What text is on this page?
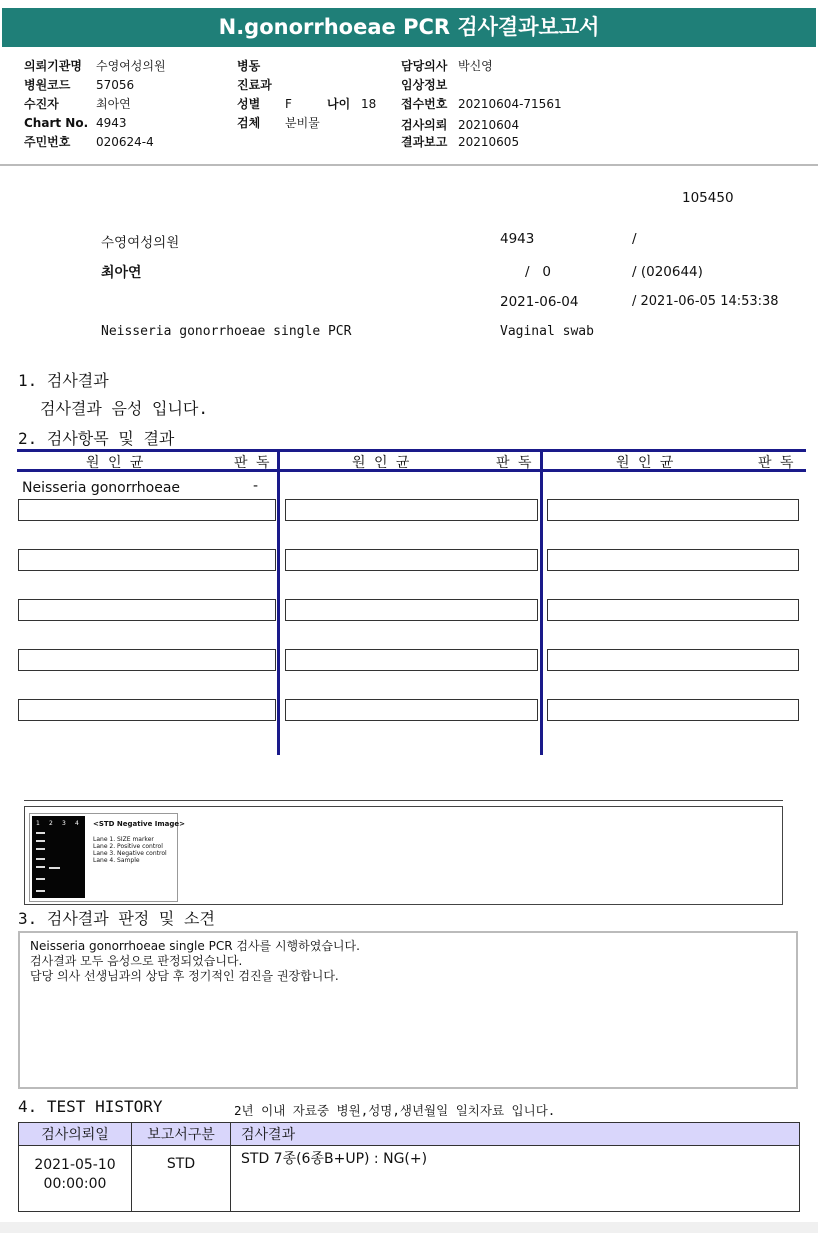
N.gonorrhoeae PCR 검사결과보고서
의뢰기관명 수영여성의원
병원코드 57056
수진자	최아연
Chart No. 4943
주민번호 020624-4
병동
진료과
성별 F	나이 18
검체 분비물
담당의사 박신영
임상정보
접수번호 20210604-71561
검사의뢰 20210604
결과보고 20210605
105450
수영여성의원	4943	/
최아연	/   0	/ (020644)
2021-06-04	/ 2021-06-05 14:53:38
Neisseria gonorrhoeae single PCR	Vaginal swab
1. 검사결과
검사결과 음성 입니다.
2. 검사항목 및 결과
원 인 균	판 독	원 인 균	판 독	원 인 균	판 독
Neisseria gonorrhoeae	-
1 2 3 4 <STD Negative Image>
Lane 1. SIZE marker
Lane 2. Positive control
Lane 3. Negative control
Lane 4. Sample
3. 검사결과 판정 및 소견
Neisseria gonorrhoeae single PCR 검사를 시행하였습니다.
검사결과 모두 음성으로 판정되었습니다.
담당 의사 선생님과의 상담 후 정기적인 검진을 권장합니다.
4. TEST HISTORY	2년 이내 자료중 병원,성명,생년월일 일치자료 입니다.
검사의뢰일	보고서구분	검사결과

2021-05-10
00:00:00	STD	STD 7종(6종B+UP) : NG(+)
